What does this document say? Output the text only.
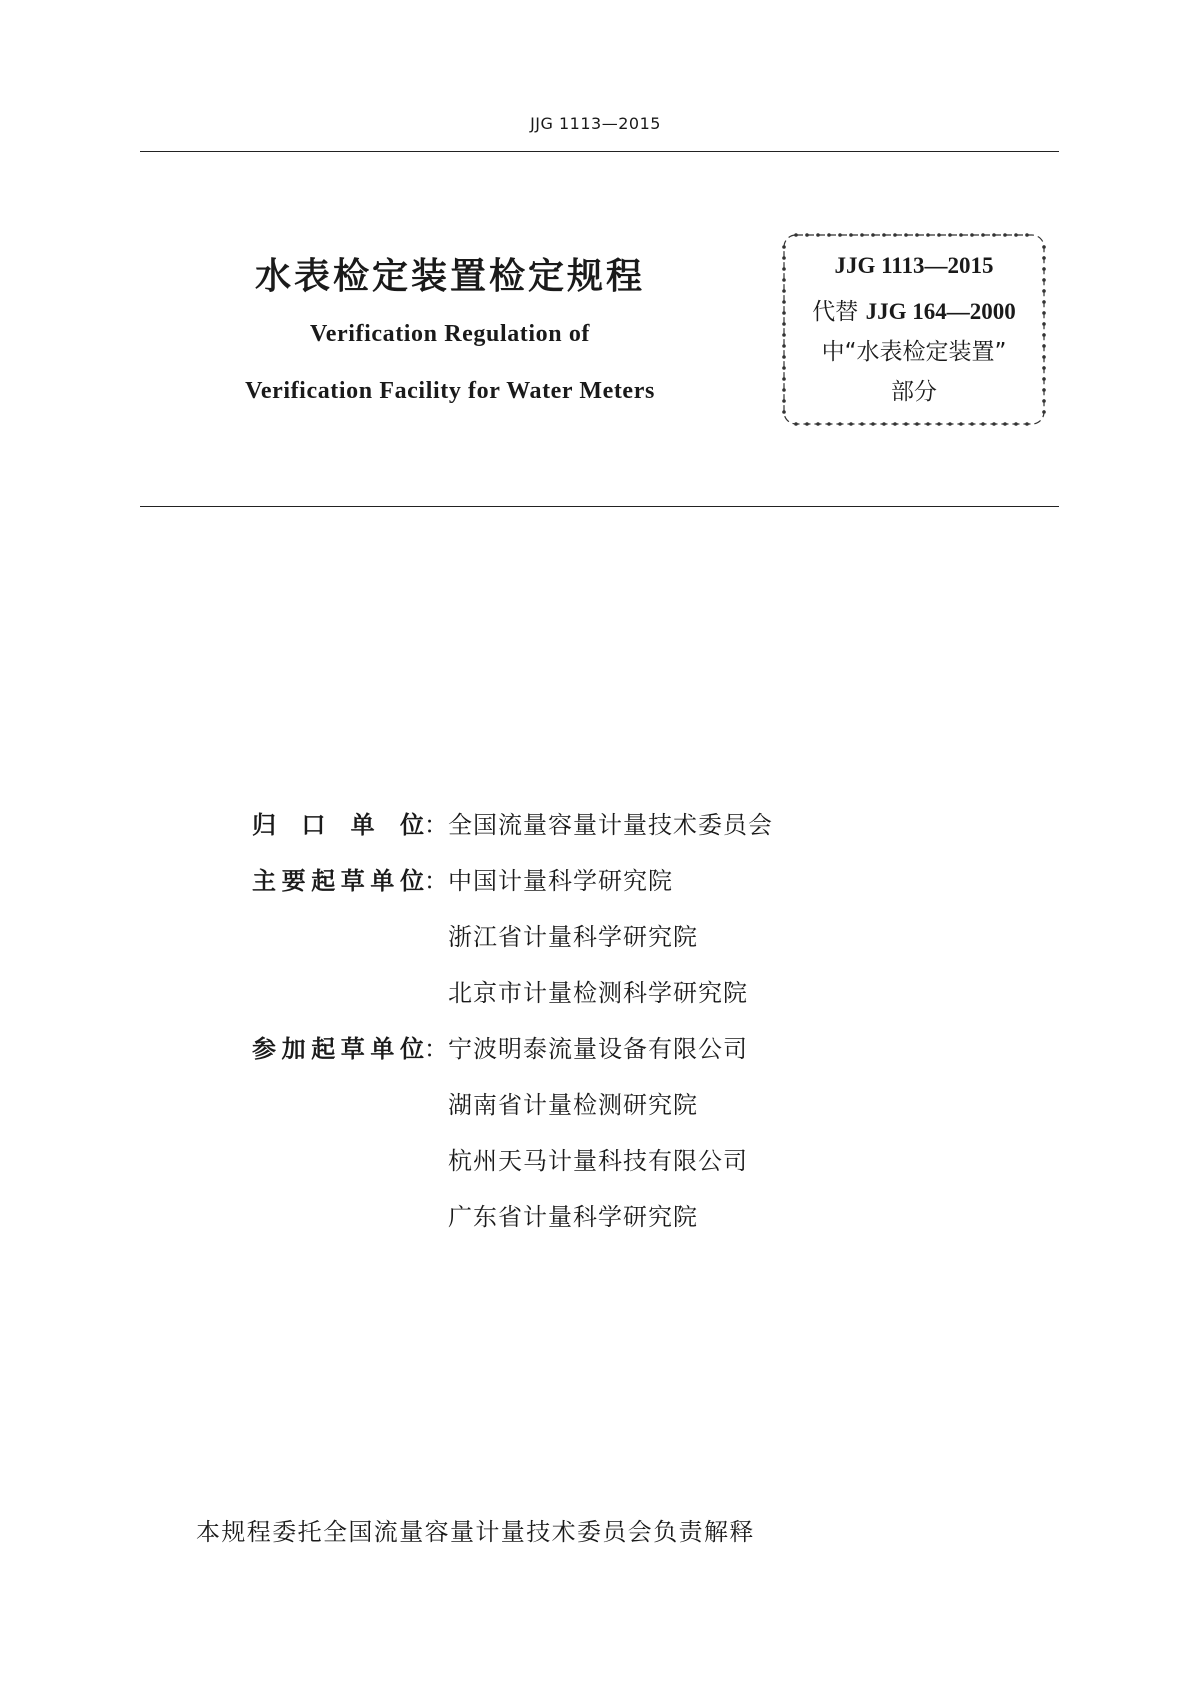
JJG 1113—2015
水表检定装置检定规程
Verification Regulation of
Verification Facility for Water Meters
JJG 1113—2015
代替 JJG 164—2000
中“水表检定装置”
部分
归 口 单 位 ： 全国流量容量计量技术委员会
主 要 起 草 单 位 ： 中国计量科学研究院
浙江省计量科学研究院
北京市计量检测科学研究院
参 加 起 草 单 位 ： 宁波明泰流量设备有限公司
湖南省计量检测研究院
杭州天马计量科技有限公司
广东省计量科学研究院
本规程委托全国流量容量计量技术委员会负责解释
